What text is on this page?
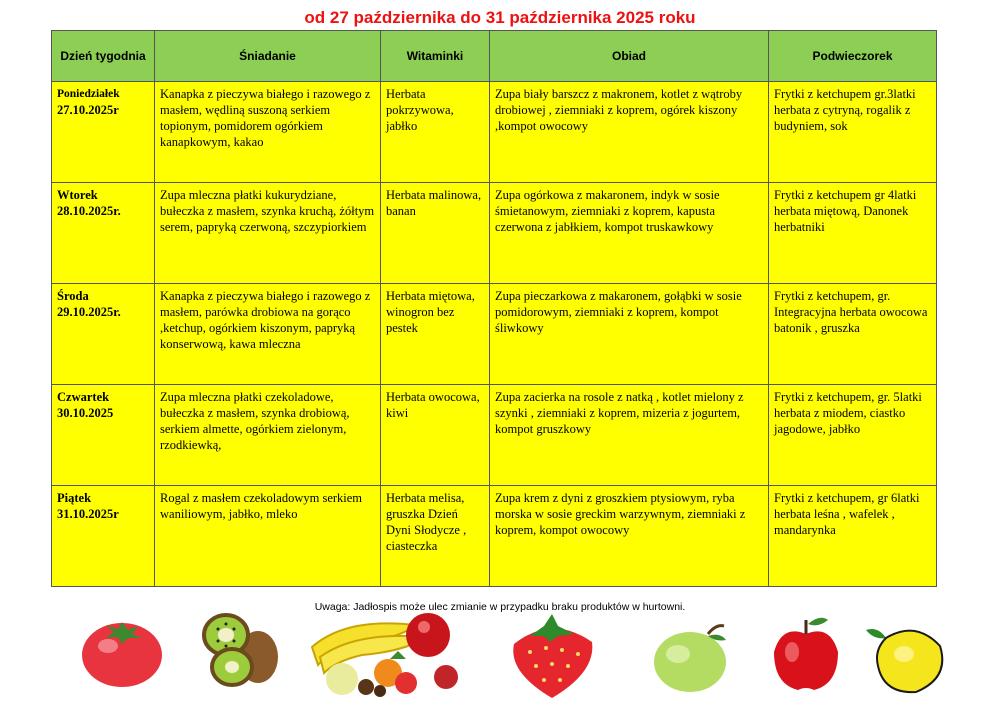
od 27 października do 31 października 2025 roku
Dzień tygodnia	Śniadanie	Witaminki	Obiad	Podwieczorek

Poniedziałek
27.10.2025r	Kanapka z pieczywa białego i razowego z masłem, wędliną suszoną serkiem topionym, pomidorem ogórkiem kanapkowym, kakao	Herbata pokrzywowa, jabłko	Zupa biały barszcz z makronem, kotlet z wątroby drobiowej , ziemniaki z koprem, ogórek kiszony ,kompot owocowy	Frytki z ketchupem gr.3latki herbata z cytryną, rogalik z budyniem, sok

Wtorek
28.10.2025r.	Zupa mleczna płatki kukurydziane, bułeczka z masłem, szynka kruchą, żółtym serem, papryką czerwoną, szczypiorkiem	Herbata malinowa, banan	Zupa ogórkowa z makaronem, indyk w sosie śmietanowym, ziemniaki z koprem, kapusta czerwona z jabłkiem, kompot truskawkowy	Frytki z ketchupem gr 4latki herbata miętową, Danonek herbatniki

Środa
29.10.2025r.	Kanapka z pieczywa białego i razowego z masłem, parówka drobiowa na gorąco ,ketchup, ogórkiem kiszonym, papryką konserwową, kawa mleczna	Herbata miętowa, winogron bez pestek	Zupa pieczarkowa z makaronem, gołąbki w sosie pomidorowym, ziemniaki z koprem, kompot śliwkowy	Frytki z ketchupem, gr. Integracyjna herbata owocowa batonik , gruszka

Czwartek
30.10.2025	Zupa mleczna płatki czekoladowe, bułeczka z masłem, szynka drobiową, serkiem almette, ogórkiem zielonym, rzodkiewką,	Herbata owocowa, kiwi	Zupa zacierka na rosole z natką , kotlet mielony z szynki , ziemniaki z koprem, mizeria z jogurtem, kompot gruszkowy	Frytki z ketchupem, gr. 5latki herbata z miodem, ciastko jagodowe, jabłko

Piątek
31.10.2025r	Rogal z masłem czekoladowym serkiem waniliowym, jabłko, mleko	Herbata melisa, gruszka Dzień Dyni Słodycze , ciasteczka	Zupa krem z dyni z groszkiem ptysiowym, ryba morska w sosie greckim warzywnym, ziemniaki z koprem, kompot owocowy	Frytki z ketchupem, gr 6latki herbata leśna , wafelek , mandarynka
Uwaga: Jadłospis może ulec zmianie w przypadku braku produktów w hurtowni.
